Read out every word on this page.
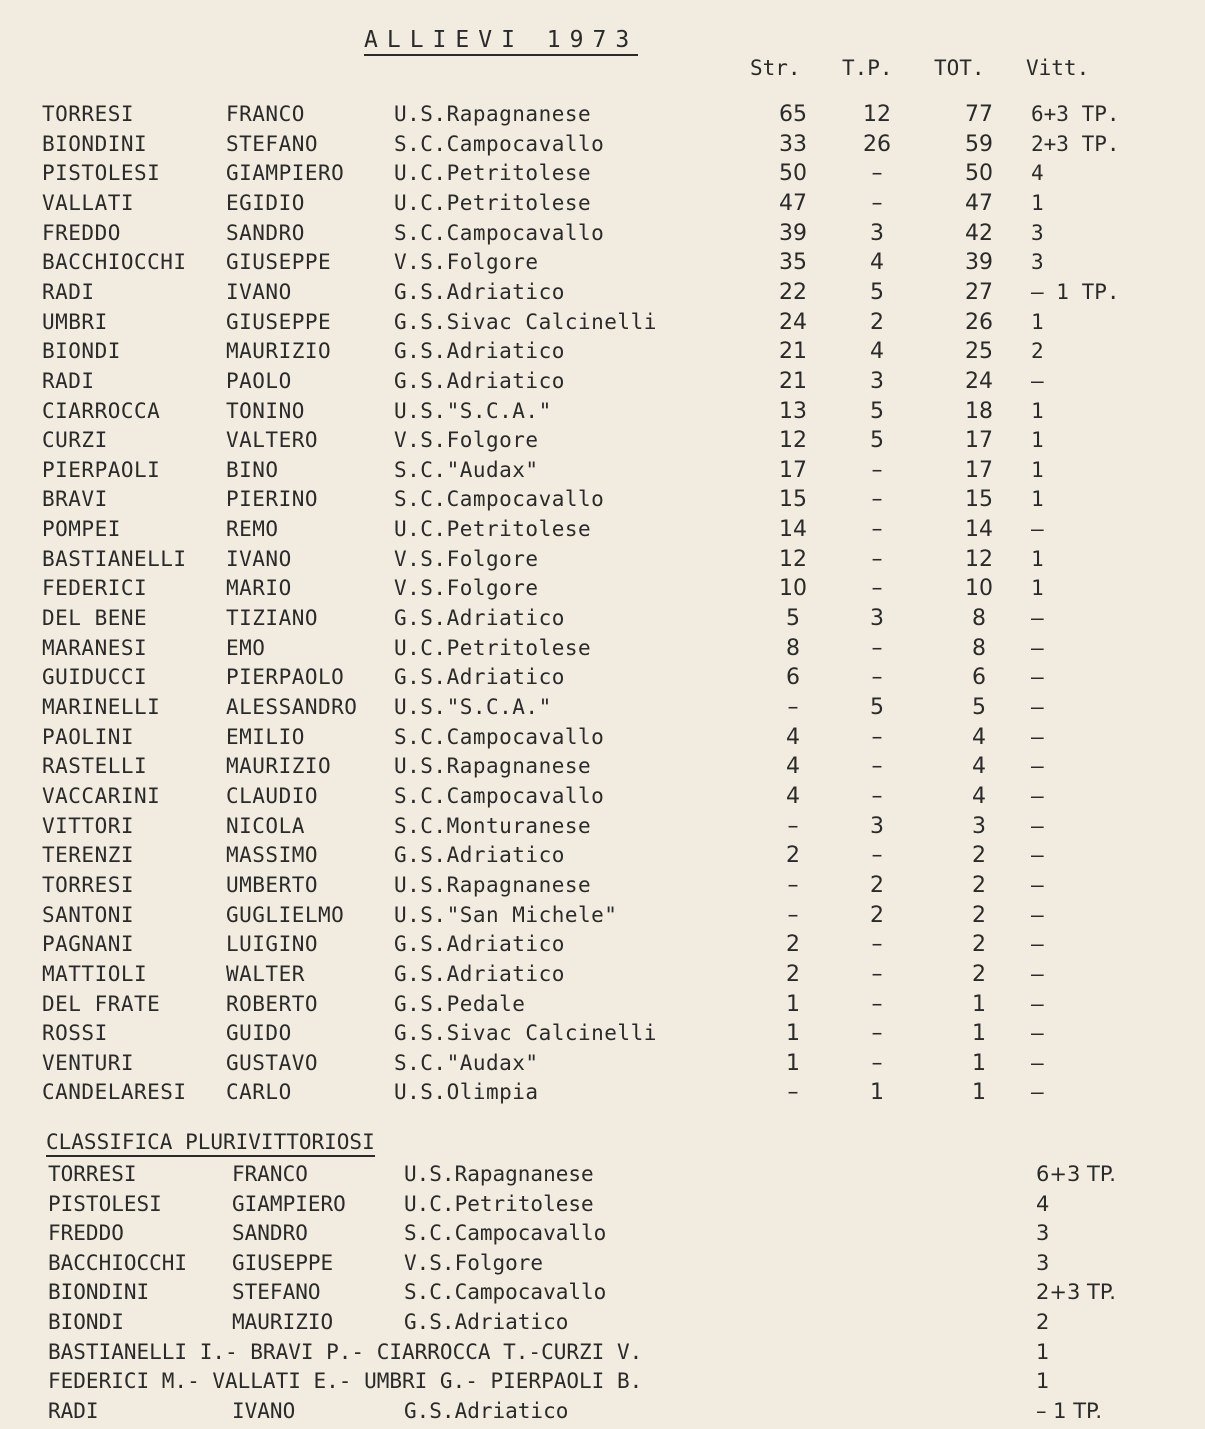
ALLIEVI 1973
Str. T.P. TOT. Vitt.
TORRESI	FRANCO	U.S.Rapagnanese	65	12	77	6+3 TP.
BIONDINI	STEFANO	S.C.Campocavallo	33	26	59	2+3 TP.
PISTOLESI	GIAMPIERO U.C.Petritolese	50	–	50	4
VALLATI	EGIDIO	U.C.Petritolese	47	–	47	1
FREDDO	SANDRO	S.C.Campocavallo	39	3	42	3
BACCHIOCCHI GIUSEPPE	V.S.Folgore	35	4	39	3
RADI	IVANO	G.S.Adriatico	22	5	27	– 1 TP.
UMBRI	GIUSEPPE	G.S.Sivac Calcinelli	24	2	26	1
BIONDI	MAURIZIO	G.S.Adriatico	21	4	25	2
RADI	PAOLO	G.S.Adriatico	21	3	24	–
CIARROCCA	TONINO	U.S."S.C.A."	13	5	18	1
CURZI	VALTERO	V.S.Folgore	12	5	17	1
PIERPAOLI	BINO	S.C."Audax"	17	–	17	1
BRAVI	PIERINO	S.C.Campocavallo	15	–	15	1
POMPEI	REMO	U.C.Petritolese	14	–	14	–
BASTIANELLI IVANO	V.S.Folgore	12	–	12	1
FEDERICI	MARIO	V.S.Folgore	10	–	10	1
DEL BENE	TIZIANO	G.S.Adriatico	5	3	8	–
MARANESI	EMO	U.C.Petritolese	8	–	8	–
GUIDUCCI	PIERPAOLO G.S.Adriatico	6	–	6	–
MARINELLI	ALESSANDRO U.S."S.C.A."	–	5	5	–
PAOLINI	EMILIO	S.C.Campocavallo	4	–	4	–
RASTELLI	MAURIZIO	U.S.Rapagnanese	4	–	4	–
VACCARINI	CLAUDIO	S.C.Campocavallo	4	–	4	–
VITTORI	NICOLA	S.C.Monturanese	–	3	3	–
TERENZI	MASSIMO	G.S.Adriatico	2	–	2	–
TORRESI	UMBERTO	U.S.Rapagnanese	–	2	2	–
SANTONI	GUGLIELMO U.S."San Michele"	–	2	2	–
PAGNANI	LUIGINO	G.S.Adriatico	2	–	2	–
MATTIOLI	WALTER	G.S.Adriatico	2	–	2	–
DEL FRATE	ROBERTO	G.S.Pedale	1	–	1	–
ROSSI	GUIDO	G.S.Sivac Calcinelli	1	–	1	–
VENTURI	GUSTAVO	S.C."Audax"	1	–	1	–
CANDELARESI CARLO	U.S.Olimpia	–	1	1	–
CLASSIFICA PLURIVITTORIOSI
TORRESI	FRANCO	U.S.Rapagnanese	6+3 TP.
PISTOLESI	GIAMPIERO	U.C.Petritolese	4
FREDDO	SANDRO	S.C.Campocavallo	3
BACCHIOCCHI GIUSEPPE	V.S.Folgore	3
BIONDINI	STEFANO	S.C.Campocavallo	2+3 TP.
BIONDI	MAURIZIO	G.S.Adriatico	2
BASTIANELLI I.- BRAVI P.- CIARROCCA T.-CURZI V.	1
FEDERICI M.- VALLATI E.- UMBRI G.- PIERPAOLI B.	1
RADI	IVANO	G.S.Adriatico	– 1 TP.
